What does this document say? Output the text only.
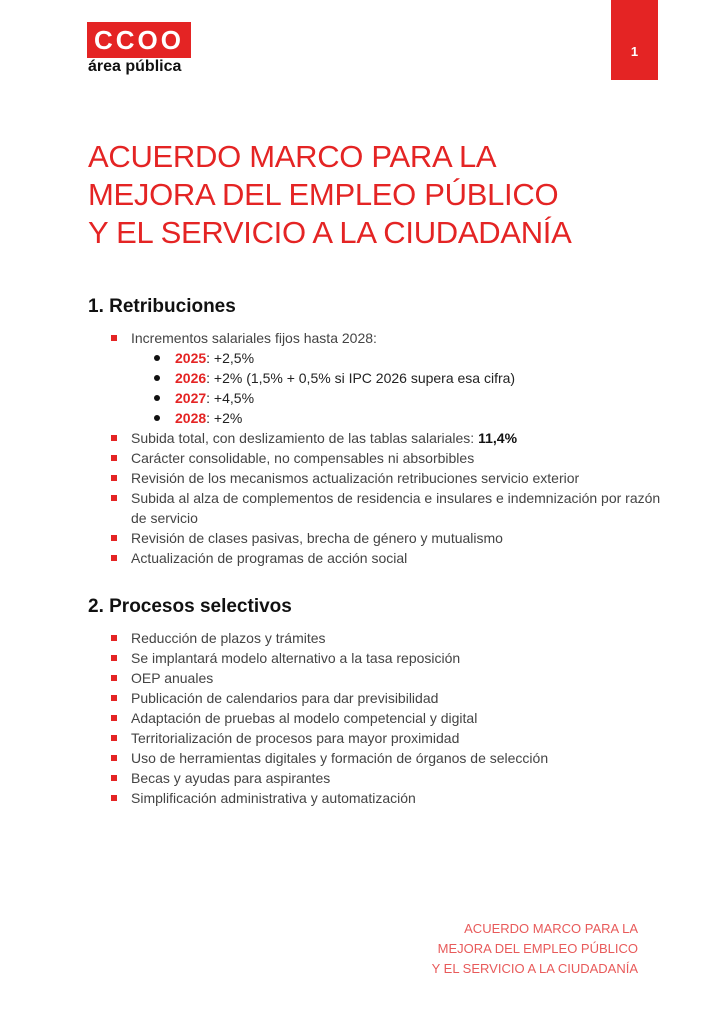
CCOO
área pública
1
ACUERDO MARCO PARA LA
MEJORA DEL EMPLEO PÚBLICO
Y EL SERVICIO A LA CIUDADANÍA
1. Retribuciones
Incrementos salariales fijos hasta 2028:
2025: +2,5%
2026: +2% (1,5% + 0,5% si IPC 2026 supera esa cifra)
2027: +4,5%
2028: +2%
Subida total, con deslizamiento de las tablas salariales: 11,4%
Carácter consolidable, no compensables ni absorbibles
Revisión de los mecanismos actualización retribuciones servicio exterior
Subida al alza de complementos de residencia e insulares e indemnización por razón de servicio
Revisión de clases pasivas, brecha de género y mutualismo
Actualización de programas de acción social
2. Procesos selectivos
Reducción de plazos y trámites
Se implantará modelo alternativo a la tasa reposición
OEP anuales
Publicación de calendarios para dar previsibilidad
Adaptación de pruebas al modelo competencial y digital
Territorialización de procesos para mayor proximidad
Uso de herramientas digitales y formación de órganos de selección
Becas y ayudas para aspirantes
Simplificación administrativa y automatización
ACUERDO MARCO PARA LA
MEJORA DEL EMPLEO PÚBLICO
Y EL SERVICIO A LA CIUDADANÍA
